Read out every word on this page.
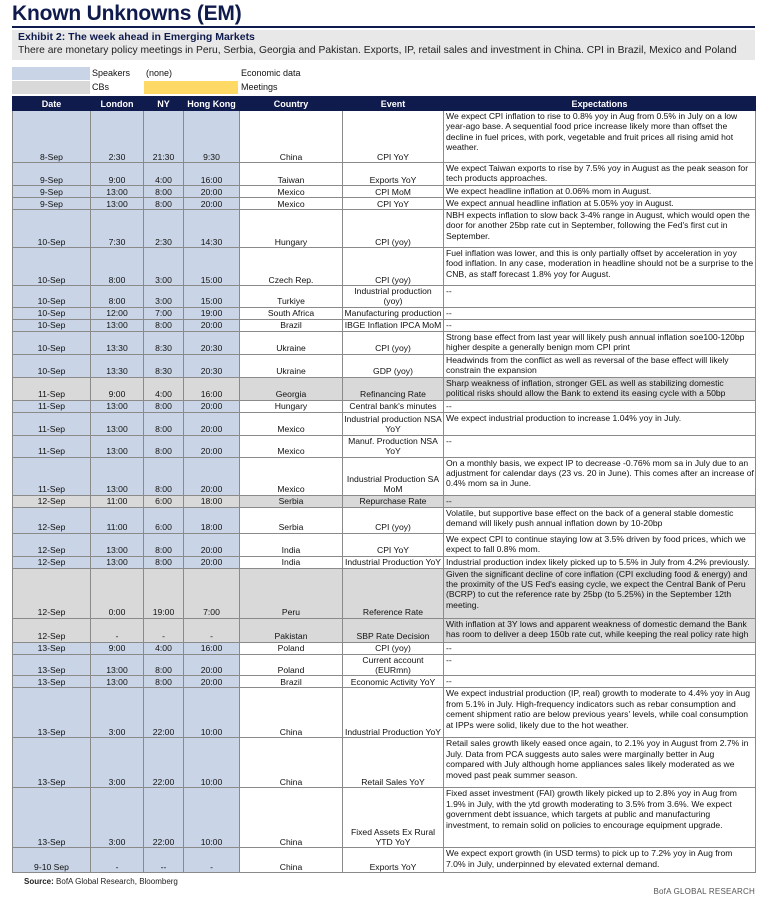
Known Unknowns (EM)
Exhibit 2: The week ahead in Emerging Markets
There are monetary policy meetings in Peru, Serbia, Georgia and Pakistan. Exports, IP, retail sales and investment in China. CPI in Brazil, Mexico and Poland
Speakers	(none)	Economic data
CBs	Meetings
Date	London	NY	Hong Kong	Country	Event	Expectations
8-Sep	2:30	21:30	9:30	China	CPI YoY	We expect CPI inflation to rise to 0.8% yoy in Aug from 0.5% in July on a low year-ago base. A sequential food price increase likely more than offset the decline in fuel prices, with pork, vegetable and fruit prices all rising amid hot weather.
9-Sep	9:00	4:00	16:00	Taiwan	Exports YoY	We expect Taiwan exports to rise by 7.5% yoy in August as the peak season for tech products approaches.
9-Sep	13:00	8:00	20:00	Mexico	CPI MoM	We expect headline inflation at 0.06% mom in August.
9-Sep	13:00	8:00	20:00	Mexico	CPI YoY	We expect annual headline inflation at 5.05% yoy in August.
10-Sep	7:30	2:30	14:30	Hungary	CPI (yoy)	NBH expects inflation to slow back 3-4% range in August, which would open the door for another 25bp rate cut in September, following the Fed's first cut in September.
10-Sep	8:00	3:00	15:00	Czech Rep.	CPI (yoy)	Fuel inflation was lower, and this is only partially offset by acceleration in yoy food inflation. In any case, moderation in headline should not be a surprise to the CNB, as staff forecast 1.8% yoy for August.
10-Sep	8:00	3:00	15:00	Turkiye	Industrial production (yoy)	--
10-Sep	12:00	7:00	19:00	South Africa	Manufacturing production	--
10-Sep	13:00	8:00	20:00	Brazil	IBGE Inflation IPCA MoM	--
10-Sep	13:30	8:30	20:30	Ukraine	CPI (yoy)	Strong base effect from last year will likely push annual inflation soe100-120bp higher despite a generally benign mom CPI print
10-Sep	13:30	8:30	20:30	Ukraine	GDP (yoy)	Headwinds from the conflict as well as reversal of the base effect will likely constrain the expansion
11-Sep	9:00	4:00	16:00	Georgia	Refinancing Rate	Sharp weakness of inflation, stronger GEL as well as stabilizing domestic political risks should allow the Bank to extend its easing cycle with a 50bp
11-Sep	13:00	8:00	20:00	Hungary	Central bank's minutes	--
11-Sep	13:00	8:00	20:00	Mexico	Industrial production NSA YoY	We expect industrial production to increase 1.04% yoy in July.
11-Sep	13:00	8:00	20:00	Mexico	Manuf. Production NSA YoY	--
11-Sep	13:00	8:00	20:00	Mexico	Industrial Production SA MoM	On a monthly basis, we expect IP to decrease -0.76% mom sa in July due to an adjustment for calendar days (23 vs. 20 in June). This comes after an increase of 0.4% mom sa in June.
12-Sep	11:00	6:00	18:00	Serbia	Repurchase Rate	--
12-Sep	11:00	6:00	18:00	Serbia	CPI (yoy)	Volatile, but supportive base effect on the back of a general stable domestic demand will likely push annual inflation down by 10-20bp
12-Sep	13:00	8:00	20:00	India	CPI YoY	We expect CPI to continue staying low at 3.5% driven by food prices, which we expect to fall 0.8% mom.
12-Sep	13:00	8:00	20:00	India	Industrial Production YoY	Industrial production index likely picked up to 5.5% in July from 4.2% previously.
12-Sep	0:00	19:00	7:00	Peru	Reference Rate	Given the significant decline of core inflation (CPI excluding food & energy) and the proximity of the US Fed's easing cycle, we expect the Central Bank of Peru (BCRP) to cut the reference rate by 25bp (to 5.25%) in the September 12th meeting.
12-Sep	-	-	-	Pakistan	SBP Rate Decision	With inflation at 3Y lows and apparent weakness of domestic demand the Bank has room to deliver a deep 150b rate cut, while keeping the real policy rate high
13-Sep	9:00	4:00	16:00	Poland	CPI (yoy)	--
13-Sep	13:00	8:00	20:00	Poland	Current account (EURmn)	--
13-Sep	13:00	8:00	20:00	Brazil	Economic Activity YoY	--
13-Sep	3:00	22:00	10:00	China	Industrial Production YoY	We expect industrial production (IP, real) growth to moderate to 4.4% yoy in Aug from 5.1% in July. High-frequency indicators such as rebar consumption and cement shipment ratio are below previous years' levels, while coal consumption at IPPs were solid, likely due to the hot weather.
13-Sep	3:00	22:00	10:00	China	Retail Sales YoY	Retail sales growth likely eased once again, to 2.1% yoy in August from 2.7% in July. Data from PCA suggests auto sales were marginally better in Aug compared with July although home appliances sales likely moderated as we moved past peak summer season.
13-Sep	3:00	22:00	10:00	China	Fixed Assets Ex Rural YTD YoY	Fixed asset investment (FAI) growth likely picked up to 2.8% yoy in Aug from 1.9% in July, with the ytd growth moderating to 3.5% from 3.6%. We expect government debt issuance, which targets at public and manufacturing investment, to remain solid on policies to encourage equipment upgrade.
9-10 Sep	-	--	-	China	Exports YoY	We expect export growth (in USD terms) to pick up to 7.2% yoy in Aug from 7.0% in July, underpinned by elevated external demand.
Source: BofA Global Research, Bloomberg
BofA GLOBAL RESEARCH
